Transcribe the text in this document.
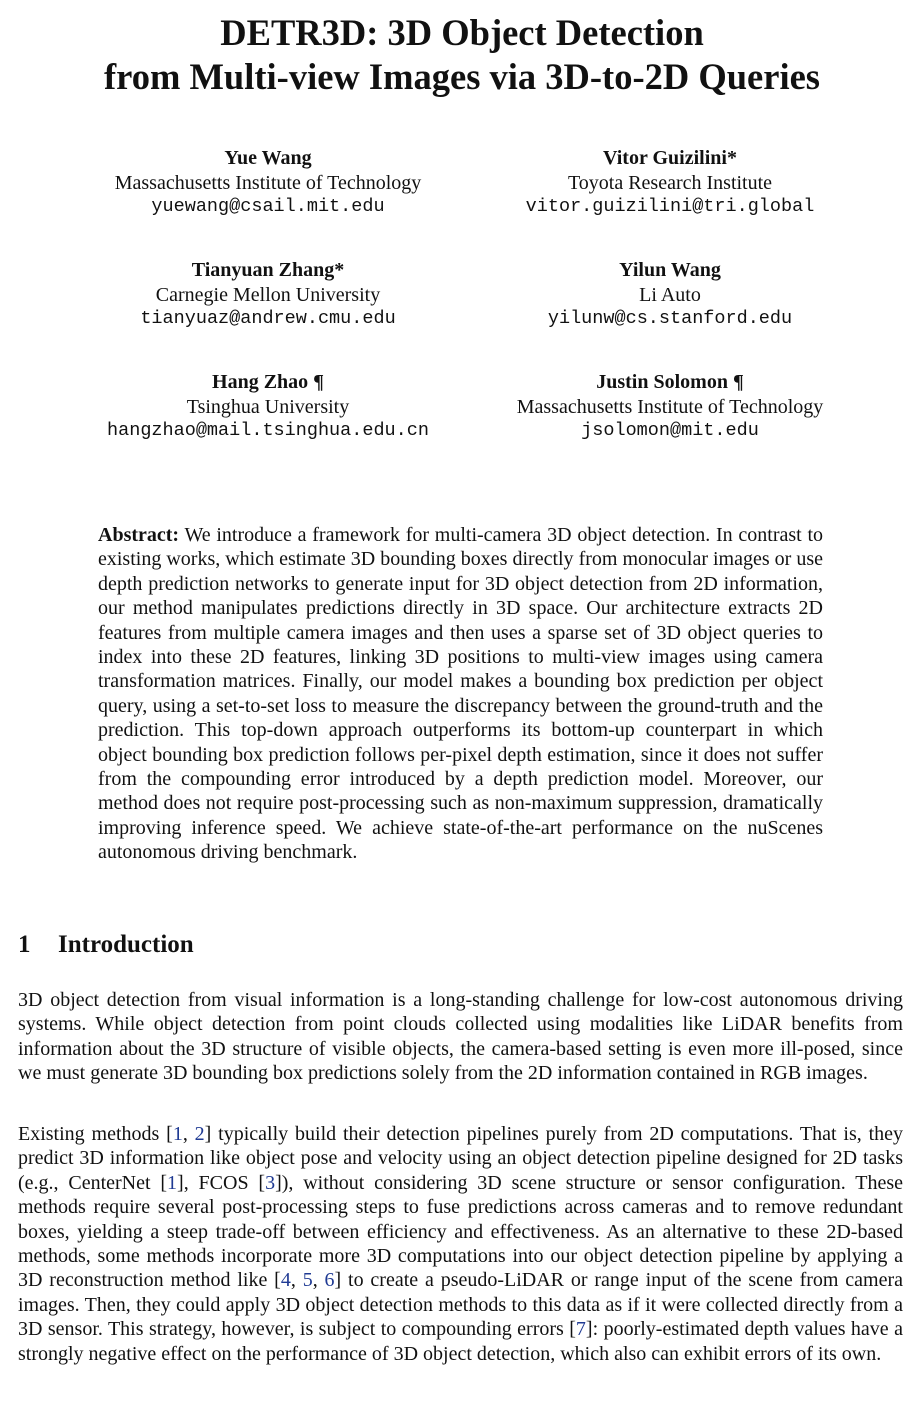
DETR3D: 3D Object Detection
from Multi-view Images via 3D-to-2D Queries
Yue Wang
Massachusetts Institute of Technology
yuewang@csail.mit.edu
Vitor Guizilini*
Toyota Research Institute
vitor.guizilini@tri.global
Tianyuan Zhang*
Carnegie Mellon University
tianyuaz@andrew.cmu.edu
Yilun Wang
Li Auto
yilunw@cs.stanford.edu
Hang Zhao ¶
Tsinghua University
hangzhao@mail.tsinghua.edu.cn
Justin Solomon ¶
Massachusetts Institute of Technology
jsolomon@mit.edu
Abstract: We introduce a framework for multi-camera 3D object detection. In contrast to existing works, which estimate 3D bounding boxes directly from monocular images or use depth prediction networks to generate input for 3D object detection from 2D information, our method manipulates predictions directly in 3D space. Our architecture extracts 2D features from multiple camera images and then uses a sparse set of 3D object queries to index into these 2D features, linking 3D positions to multi-view images using camera transformation matrices. Finally, our model makes a bounding box prediction per object query, using a set-to-set loss to measure the discrepancy between the ground-truth and the prediction. This top-down approach outperforms its bottom-up counterpart in which object bounding box prediction follows per-pixel depth estimation, since it does not suffer from the compounding error introduced by a depth prediction model. Moreover, our method does not require post-processing such as non-maximum suppression, dramatically improving inference speed. We achieve state-of-the-art performance on the nuScenes autonomous driving benchmark.
1 Introduction

3D object detection from visual information is a long-standing challenge for low-cost autonomous driving systems. While object detection from point clouds collected using modalities like LiDAR benefits from information about the 3D structure of visible objects, the camera-based setting is even more ill-posed, since we must generate 3D bounding box predictions solely from the 2D information contained in RGB images.

Existing methods [1, 2] typically build their detection pipelines purely from 2D computations. That is, they predict 3D information like object pose and velocity using an object detection pipeline designed for 2D tasks (e.g., CenterNet [1], FCOS [3]), without considering 3D scene structure or sensor configuration. These methods require several post-processing steps to fuse predictions across cameras and to remove redundant boxes, yielding a steep trade-off between efficiency and effectiveness. As an alternative to these 2D-based methods, some methods incorporate more 3D computations into our object detection pipeline by applying a 3D reconstruction method like [4, 5, 6] to create a pseudo-LiDAR or range input of the scene from camera images. Then, they could apply 3D object detection methods to this data as if it were collected directly from a 3D sensor. This strategy, however, is subject to compounding errors [7]: poorly-estimated depth values have a strongly negative effect on the performance of 3D object detection, which also can exhibit errors of its own.
